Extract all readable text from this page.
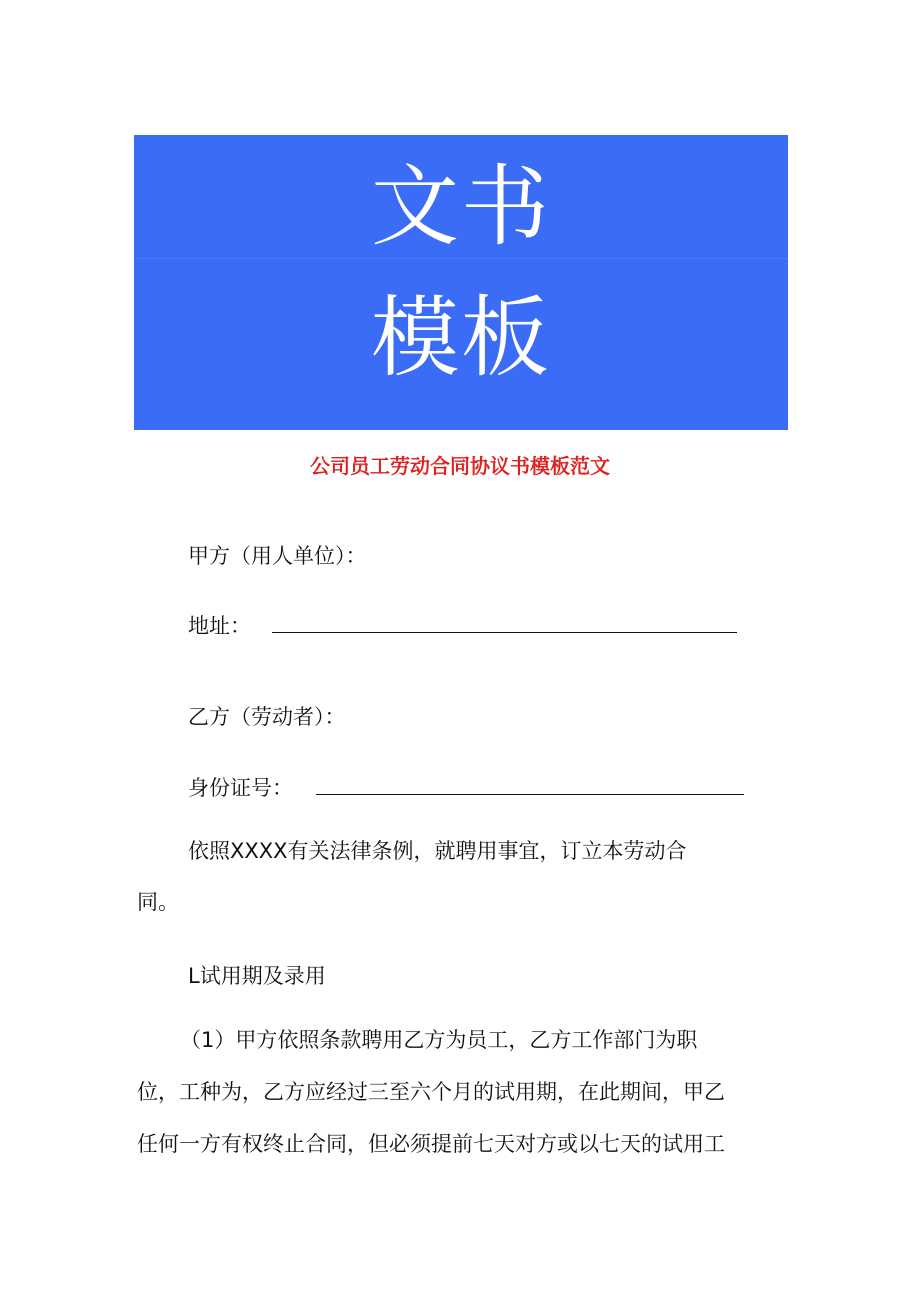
文书
模板
公司员工劳动合同协议书模板范文
甲方（用人单位）：
地址：
乙方（劳动者）：
身份证号：
依照XXXX有关法律条例，就聘用事宜，订立本劳动合
同。
L试用期及录用
（1）甲方依照条款聘用乙方为员工，乙方工作部门为职
位，工种为，乙方应经过三至六个月的试用期，在此期间，甲乙
任何一方有权终止合同，但必须提前七天对方或以七天的试用工
